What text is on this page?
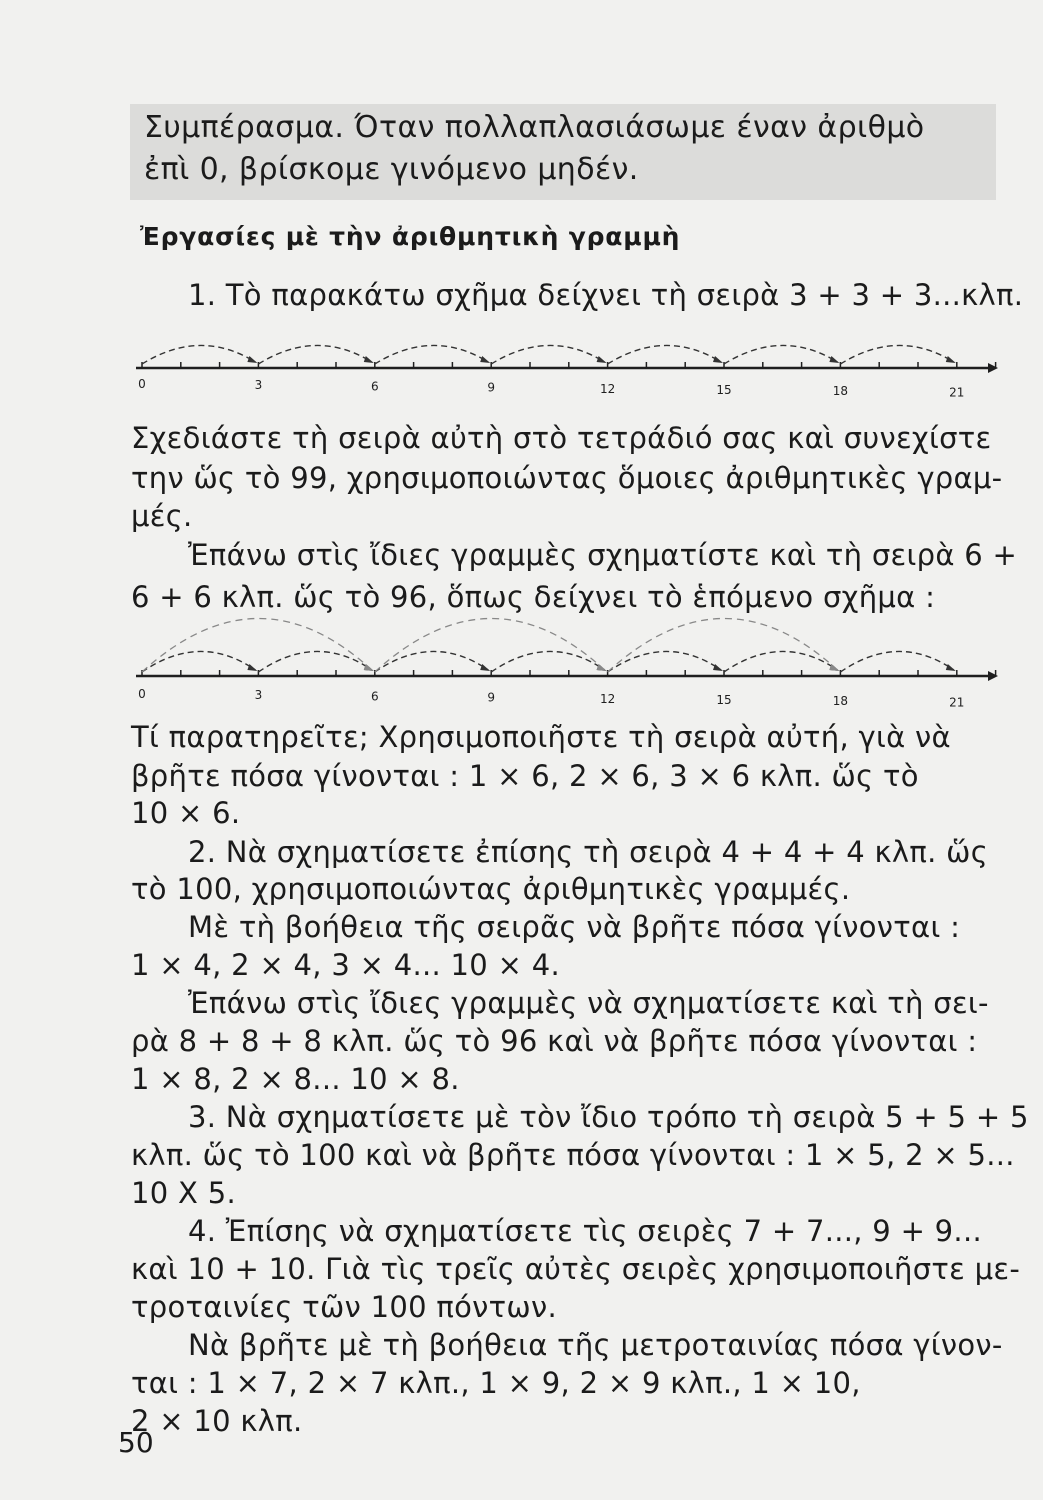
Συμπέρασμα. Όταν πολλαπλασιάσωμε έναν ἀριθμὸ
ἐπὶ 0, βρίσκομε γινόμενο μηδέν.
Ἐργασίες μὲ τὴν ἀριθμητικὴ γραμμὴ
1. Τὸ παρακάτω σχῆμα δείχνει τὴ σειρὰ 3 + 3 + 3...κλπ.
0	3	6	9	12	15	18	21
Σχεδιάστε τὴ σειρὰ αὐτὴ στὸ τετράδιό σας καὶ συνεχίστε
την ὥς τὸ 99, χρησιμοποιώντας ὅμοιες ἀριθμητικὲς γραμ-
μές.
Ἐπάνω στὶς ἴδιες γραμμὲς σχηματίστε καὶ τὴ σειρὰ 6 +
6 + 6 κλπ. ὥς τὸ 96, ὅπως δείχνει τὸ ἑπόμενο σχῆμα :
0	3	6	9	12	15	18	21
Τί παρατηρεῖτε; Χρησιμοποιῆστε τὴ σειρὰ αὐτή, γιὰ νὰ
βρῆτε πόσα γίνονται : 1 × 6, 2 × 6, 3 × 6 κλπ. ὥς τὸ
10 × 6.
2. Νὰ σχηματίσετε ἐπίσης τὴ σειρὰ 4 + 4 + 4 κλπ. ὥς
τὸ 100, χρησιμοποιώντας ἀριθμητικὲς γραμμές.
Μὲ τὴ βοήθεια τῆς σειρᾶς νὰ βρῆτε πόσα γίνονται :
1 × 4, 2 × 4, 3 × 4... 10 × 4.
Ἐπάνω στὶς ἴδιες γραμμὲς νὰ σχηματίσετε καὶ τὴ σει-
ρὰ 8 + 8 + 8 κλπ. ὥς τὸ 96 καὶ νὰ βρῆτε πόσα γίνονται :
1 × 8, 2 × 8... 10 × 8.
3. Νὰ σχηματίσετε μὲ τὸν ἴδιο τρόπο τὴ σειρὰ 5 + 5 + 5
κλπ. ὥς τὸ 100 καὶ νὰ βρῆτε πόσα γίνονται : 1 × 5, 2 × 5...
10 X 5.
4. Ἐπίσης νὰ σχηματίσετε τὶς σειρὲς 7 + 7..., 9 + 9...
καὶ 10 + 10. Γιὰ τὶς τρεῖς αὐτὲς σειρὲς χρησιμοποιῆστε με-
τροταινίες τῶν 100 πόντων.
Νὰ βρῆτε μὲ τὴ βοήθεια τῆς μετροταινίας πόσα γίνον-
ται : 1 × 7, 2 × 7 κλπ., 1 × 9, 2 × 9 κλπ., 1 × 10,
2 × 10 κλπ.
50
